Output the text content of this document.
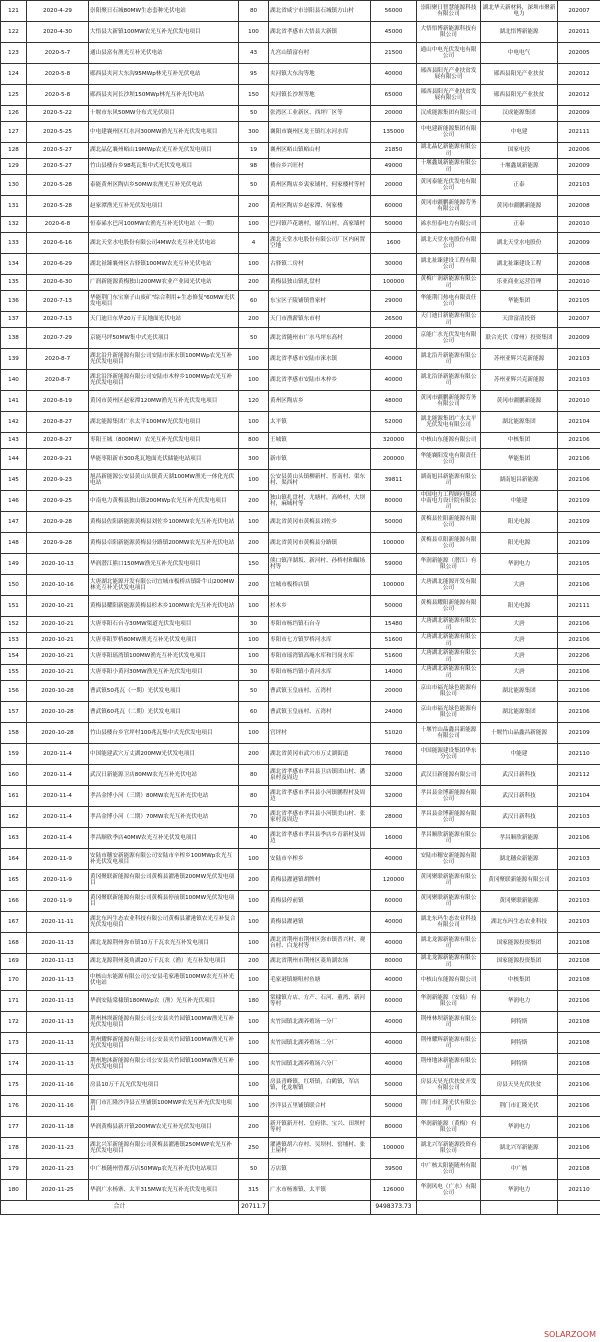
121	2020-4-29	崇阳聚日石城80MW生态套种光伏电站	80	湖北省咸宁市崇阳县石城镇方山村	56000	崇阳聚日智慧能源科技有限公司	湖北华天新材料，深圳市聚新电力	202007
122	2020-4-30	大悟县大新镇100MW农光互补光伏发电项目	100	湖北省孝感市大悟县大新镇	45000	大悟悟博新能源科技有限公司	湖北悟博新能源	202011
123	2020-5-7	通山县富有渔光互补光伏电站	43	九宫山镇富有村	21500	通山中电光伏发电有限公司	中电电气	202005
124	2020-5-8	郧西县夹河大东沟95MWp林光互补光伏电站	95	夹河镇大东沟等地	40000	郧西县阳光产业扶贫发展有限公司	郧西县阳光产业扶贫	202012
125	2020-5-8	郧西县夹河长沙坝150MWp林光互补光伏电站	150	夹河镇长沙坝等地	65000	郧西县阳光产业扶贫发展有限公司	郧西县阳光产业扶贫	202012
126	2020-5-22	十堰市东风50MW分布式光伏项目	50	张湾区工业新区、西坪厂区等	20000	汉成能源集团有限公司	汉成能源集团	202009
127	2020-5-25	中电建襄州区红水河300MW渔光互补光伏发电项目	300	襄阳市襄州区龙王镇红水河水库	135000	中电建新能源集团有限公司	中电建	202111
128	2020-5-27	湖北晶亿襄州峪山19MWp农光互补光伏发电项目	19	襄州区峪山镇峪山村	21850	湖北晶亿新能源有限公司	国家电投	202006
129	2020-5-27	竹山县楼台乡98兆瓦集中式光伏发电项目	98	楼台乡兴旺村	49000	十堰鑫晟新能源有限公司	十堰鑫晟新能源	202009
130	2020-5-28	泰能黄州区陶店乡50MW农渔光互补光伏电站	50	黄州区陶店乡衷家铺村，何家楼村等村	20000	黄冈泰能光伏发电有限公司	正泰	202103
131	2020-5-28	赵家潭渔光互补光伏发电项目	200	黄州区陶店乡赵家潭、何家楼	60000	黄冈市疆鹏新能源劳务有限公司	黄冈市疆鹏新能源	202008
132	2020-6-8	恒泰浠水巴河100MW农渔光互补光伏电站（一期）	100	巴河镇芦花塘村，谢军山村，高家墙村	50000	浠水恒泰电力有限公司	正泰	202010
133	2020-6-16	湖北天堂水电股份有限公司4MW农光互补光伏电站	4	湖北天堂水电股份有限公司厂区内闲置空地	1600	湖北天堂水电股份有限公司	湖北天堂水电股份	202009
134	2020-6-29	湖北祉臻襄州区古驿镇100MW农光互补光伏电站	100	古驿镇二房村	30000	湖北祉臻建设工程有限公司	湖北祉臻建设工程	202008
135	2020-6-30	广润新能源黄梅独山200MW农业产业园光伏电站	200	黄梅县独山镇扎盘村	100000	黄梅广润新能源有限公司	乐亚商业运营管理	202010
136	2020-7-13	华能荆门东宝寨子山废矿"综合利用+生态修复"60MW光伏发电项目	60	东宝区子陵铺镇曾家村	29000	华能荆门热电有限责任公司	华能集团	202105
137	2020-7-13	天门迪日东华20万千瓦地面光伏电站	200	天门市渔薪镇东市村	26500	天门迪日新能源有限公司	天津富清投资	202007
138	2020-7-29	京能马坪50MW集中式光伏项目	50	湖北省随州市广水马坪东高村	20000	京能广水光伏发电有限公司	联合光伏（常州）投资集团	202009
139	2020-8-7	湖北沿升新能源有限公司安陆市淶水镇100MWp农光互补光伏发电项目	100	湖北省孝感市安陆市淶水镇	40000	湖北沿升新能源有限公司	苏州亚辉兴克新能源	202103
140	2020-8-7	湖北沿泽新能源有限公司安陆市木梓乡100MWp农光互补光伏发电项目	100	湖北省孝感市安陆市木梓乡	40000	湖北沿泽新能源有限公司	苏州亚辉兴克新能源	202103
141	2020-8-19	黄冈市黄州区赵家潭120MW渔光互补光伏发电项目	120	黄州区陶店乡	48000	黄冈市疆鹏新能源劳务有限公司	黄冈市疆鹏新能源	202010
142	2020-8-27	湖北能源集团广水太平100MW光伏发电项目	100	太平镇	52000	湖北能源集团广水太平光伏发电有限公司	湖北能源集团	202104
143	2020-8-27	枣阳王城（800MW）农光互补光伏发电项目	800	王城镇	320000	中核山东能源有限公司	中核集团	202106
144	2020-9-21	华能枣阳新市300兆瓦地面光伏储能电站项目	300	新市镇	200000	华能襄阳发电有限责任公司	华能集团	202106
145	2020-9-23	旭昌新能源公安县黄山头镇黄天湖100MW渔光一体化光伏电站	100	公安县黄山头镇柳新村、普南村、渠东村、渠西村	39811	湖南旭昌新能源有限公司	湖南旭昌新能源	202106
146	2020-9-25	中南电力黄梅县独山镇200MWp农光互补光伏发电项目	200	独山镇扎盘村，尤塘村，高岭村，大坝村，麻城村等	80000	中国电力工程顾问集团中南电力设计院有限公司	中能建	202109
147	2020-9-28	黄梅县佐阳新能源黄梅县刘佐乡100MW农光互补光伏电站	100	湖北省黄冈市黄梅县刘佐乡	50000	黄梅县佐阳新能源有限公司	阳光电源	202109
148	2020-9-28	黄梅县卓阳新能源黄梅县分路镇200MW农光互补光伏电站	200	湖北省黄冈市黄梅县分路镇	100000	黄梅县卓阳新能源有限公司	阳光电源	202109
149	2020-10-13	华润潜江熊口150MW渔光互补光伏发电项目	150	熊口镇洋湖坂、新河村、孙桥村和瞄场村等	59000	华润新能源（潜江）有限公司	华润电力	202105
150	2020-10-16	大唐湖北能源开发有限公司宜城市板桥店镇卧牛山200MW林光互补光伏发电项目	200	宜城市板桥店镇	100000	大唐湖北能源开发有限公司	大唐	202106
151	2020-10-21	黄梅县耀阳新能源黄梅县杉木乡100MW农光互补光伏电站	100	杉木乡	50000	黄梅县耀阳新能源有限公司	阳光电源	202111
152	2020-10-21	大唐枣阳石台寺30MW渠道光伏发电项目	30	枣阳市杨垱镇石台寺	15480	大唐湖北新能源有限公司	大唐	202106
153	2020-10-21	大唐枣阳罗桥80MW渔光互补光伏发电项目	100	枣阳市七方镇罗桥河水库	51600	大唐湖北新能源有限公司	大唐	202106
154	2020-10-21	大唐枣阳瑶湾镇100MW渔光互补光伏发电项目	100	枣阳市瑶湾镇高庵水库和闫岗水库	51600	大唐湖北新能源有限公司	大唐	202206
155	2020-10-21	大唐枣阳小黄河30MW渔光互补光伏发电项目	30	枣阳市杨垱镇小黄河水库	14000	大唐湖北新能源有限公司	大唐	202106
156	2020-10-28	曹武镇50兆瓦（一期）光伏发电项目	50	曹武镇玉皇庙村、五湾村	20000	京山市福光绿色能源有限公司	湖北能源集团	202106
157	2020-10-28	曹武镇60兆瓦（二期）光伏发电项目	60	曹武镇玉皇庙村、五湾村	24000	京山市福光绿色能源有限公司	湖北能源集团	202106
158	2020-10-28	竹山县楼台乡官坪村100兆瓦集中式光伏发电项目	100	官坪村	51020	十堰竹山晶鑫昌新能源有限公司	十堰竹山晶鑫昌新能源	202109
159	2020-11-4	中国能建武穴万丈湖200MW光伏发电项目	200	湖北省黄冈市武穴市万丈湖街道	76000	中国能源建设集团华东分公司	中能建	202110
160	2020-11-4	武汉日新能源卫店80MW农光互补光伏电站	80	湖北省孝感市孝昌县卫店镇团山村、潘泉村及周边	32000	武汉日新能源有限公司	武汉日新科技	202112
161	2020-11-4	孝昌金博小河（三期）80MW农光互补光伏电站	80	湖北省孝感市孝昌县小河镇鹏程村及周边	32000	孝昌县金博新能源有限公司	武汉日新科技	202104
162	2020-11-4	孝昌金博小河（二期）70MW农光互补光伏电站	70	湖北省孝感市孝昌县小河镇美山村、张家村及周边	28000	孝昌县金博新能源有限公司	武汉日新科技	202103
163	2020-11-4	孝昌顺欣季店40MW农光互补光伏发电项目	40	湖北省孝感市孝昌县季店乡育新村及周边	16000	孝昌顺欣新能源有限公司	孝昌顺欣新能源	202106
164	2020-11-9	安陆市穗安新能源有限公司安陆市辛榨乡100MWp农光互补光伏发电项目	100	安陆市辛榨乡	40000	安陆市穗安新能源有限公司	湖北穗众新能源	202103
165	2020-11-9	黄冈聚联新能源有限公司黄梅县濯港镇200MW光伏发电项目	200	黄梅县濯港镇胡牌村	120000	黄冈聚联新能源有限公司	黄冈聚联新能源有限公司	202103
166	2020-11-9	黄冈聚联新能源有限公司黄梅县停前镇100MW光伏发电项目	100	黄梅县停前镇	60000	黄冈聚联新能源有限公司	黄冈聚联新能源	202103
167	2020-11-11	湖北东玛生态农业科技有限公司黄梅县濯港镇农光互补复合光伏发电项目	100	黄梅县濯港镇	40000	湖北东玛生态农业科技有限公司	湖北东玛生态农业科技	202103
168	2020-11-13	湖北龙源荆州弥市镇10万千瓦农光互补发电项目	100	湖北省荆州市荆州区弥市镇普兴村、观台村、白龙村等	40000	湖北龙源新能源有限公司	国家能源投资集团	202108
169	2020-11-13	湖北龙源荆州菱角湖20万千瓦农（渔）光互补发电项目	200	湖北省荆州市荆州区菱角湖农场	80000	湖北龙源新能源有限公司	国家能源投资集团	202108
170	2020-11-13	中核山东能源有限公司公安县毛家港镇100MW农光互补光伏电站	100	毛家港镇塘咀村鱼塘	40000	中核山东能源有限公司	中核集团	202108
171	2020-11-13	华润安陆棠棣镇180MWp农（渔）光互补光伏项目	180	棠棣镇方店、方产、石河、董湾、新河等村	60000	华润新能源（安陆）有限公司	华润电力	202106
172	2020-11-13	荆州林坝新能源有限公司公安县夹竹园镇100MW渔光互补光伏发电项目	100	夹竹园镇北湖养殖场一分厂	40000	荆州林坝新能源有限公司	阿特斯	202108
173	2020-11-13	荆州耀辉新能源有限公司公安县夹竹园镇100MW渔光互补光伏发电项目	100	夹竹园镇北湖养殖场二分厂	40000	荆州耀辉新能源有限公司	阿特斯	202108
174	2020-11-13	荆州地沐新能源有限公司公安县夹竹园镇100MW渔光互补光伏发电项目	100	夹竹园镇北湖养殖场六分厂	40000	荆州地沐新能源有限公司	阿特斯	202108
175	2020-11-16	房县10万千瓦光伏发电项目	100	房县青峰镇，红塔镇，白鹤镇，军店镇，化龙堰镇	50000	房县天昊光伏扶贫开发有限公司	房县天昊光伏扶贫	202106
176	2020-11-16	荆门市汇隆沙洋县五里铺镇100MWP农光互补光伏发电项目	100	沙洋县五里铺镇联合村	50000	荆门市汇隆光伏有限公司	荆门市汇隆光伏	202106
177	2020-11-18	华润黄梅县新开镇200MW农光互补光伏发电项目	200	新开镇新开村、皇府律、宝兴、田坝村等村	80000	华润新能源（黄梅）有限公司	华润电力	202106
178	2020-11-23	湖北兴军新能源有限公司黄梅县濯港镇250MWP农光互补光伏发电项目	250	濯港镇胡六存村、吴坝村、窑埔村、张上屋村	100000	湖北兴军新能源投资有限公司	湖北兴军新能源	202106
179	2020-11-23	中广核随州曾都万店50MWp农光互补光伏电站项目	50	万店镇	39500	中广核太阳能随州有限公司	中广核	202108
180	2020-11-25	华润广水杨寨、太平315MW农光互补光伏发电项目	315	广水市杨寨镇、太平镇	126000	华润风电（广水）有限公司	华润电力	202110
合计			20711.7		9498373.73			
SOLARZOOM
